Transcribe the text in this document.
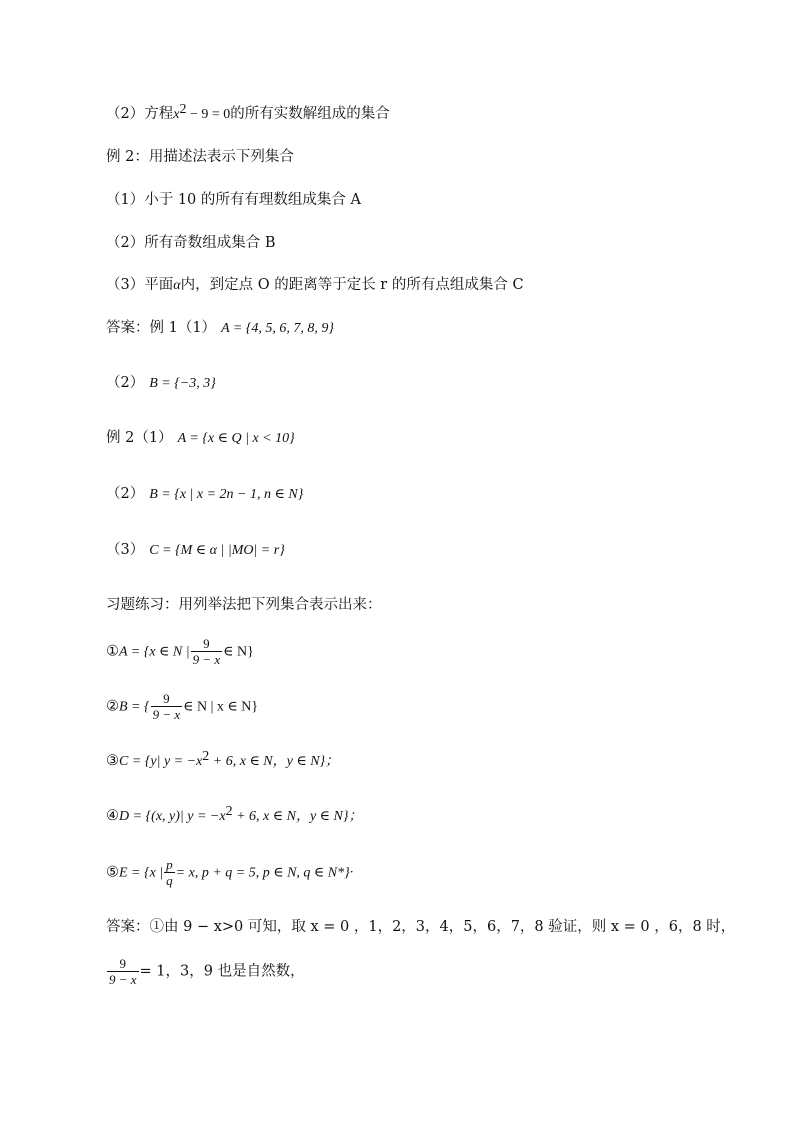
（2）方程$x^2 - 9 = 0$的所有实数解组成的集合
例 2：用描述法表示下列集合
（1）小于 10 的所有有理数组成集合 A
（2）所有奇数组成集合 B
（3）平面α内，到定点 O 的距离等于定长 r 的所有点组成集合 C
答案：例 1（1） A = {4, 5, 6, 7, 8, 9}
（2） B = {−3, 3}
例 2（1） A = {x ∈ Q | x < 10}
（2） B = {x | x = 2n − 1, n ∈ N}
（3） C = {M ∈ α | |MO| = r}
习题练习：用列举法把下列集合表示出来：
①A = {x ∈ N | $\frac{9}{9 - x}$ ∈ N}
②B = { $\frac{9}{9 - x}$ ∈ N | x ∈ N}
③C = {y| $y = -x^2 + 6$, x ∈ N，y ∈ N}；
④D = {(x, y)| $y = -x^2 + 6$, x ∈ N，y ∈ N}；
⑤E = {x | $\frac{p}{q} = x$, p + q = 5, p ∈ N, q ∈ N*}·
答案：①由 9 − x>0 可知，取 x = 0 ，1，2，3，4，5，6，7，8 验证，则 x = 0 ，6，8 时，
$\frac{9}{9 - x} = 1$，3，9 也是自然数，
